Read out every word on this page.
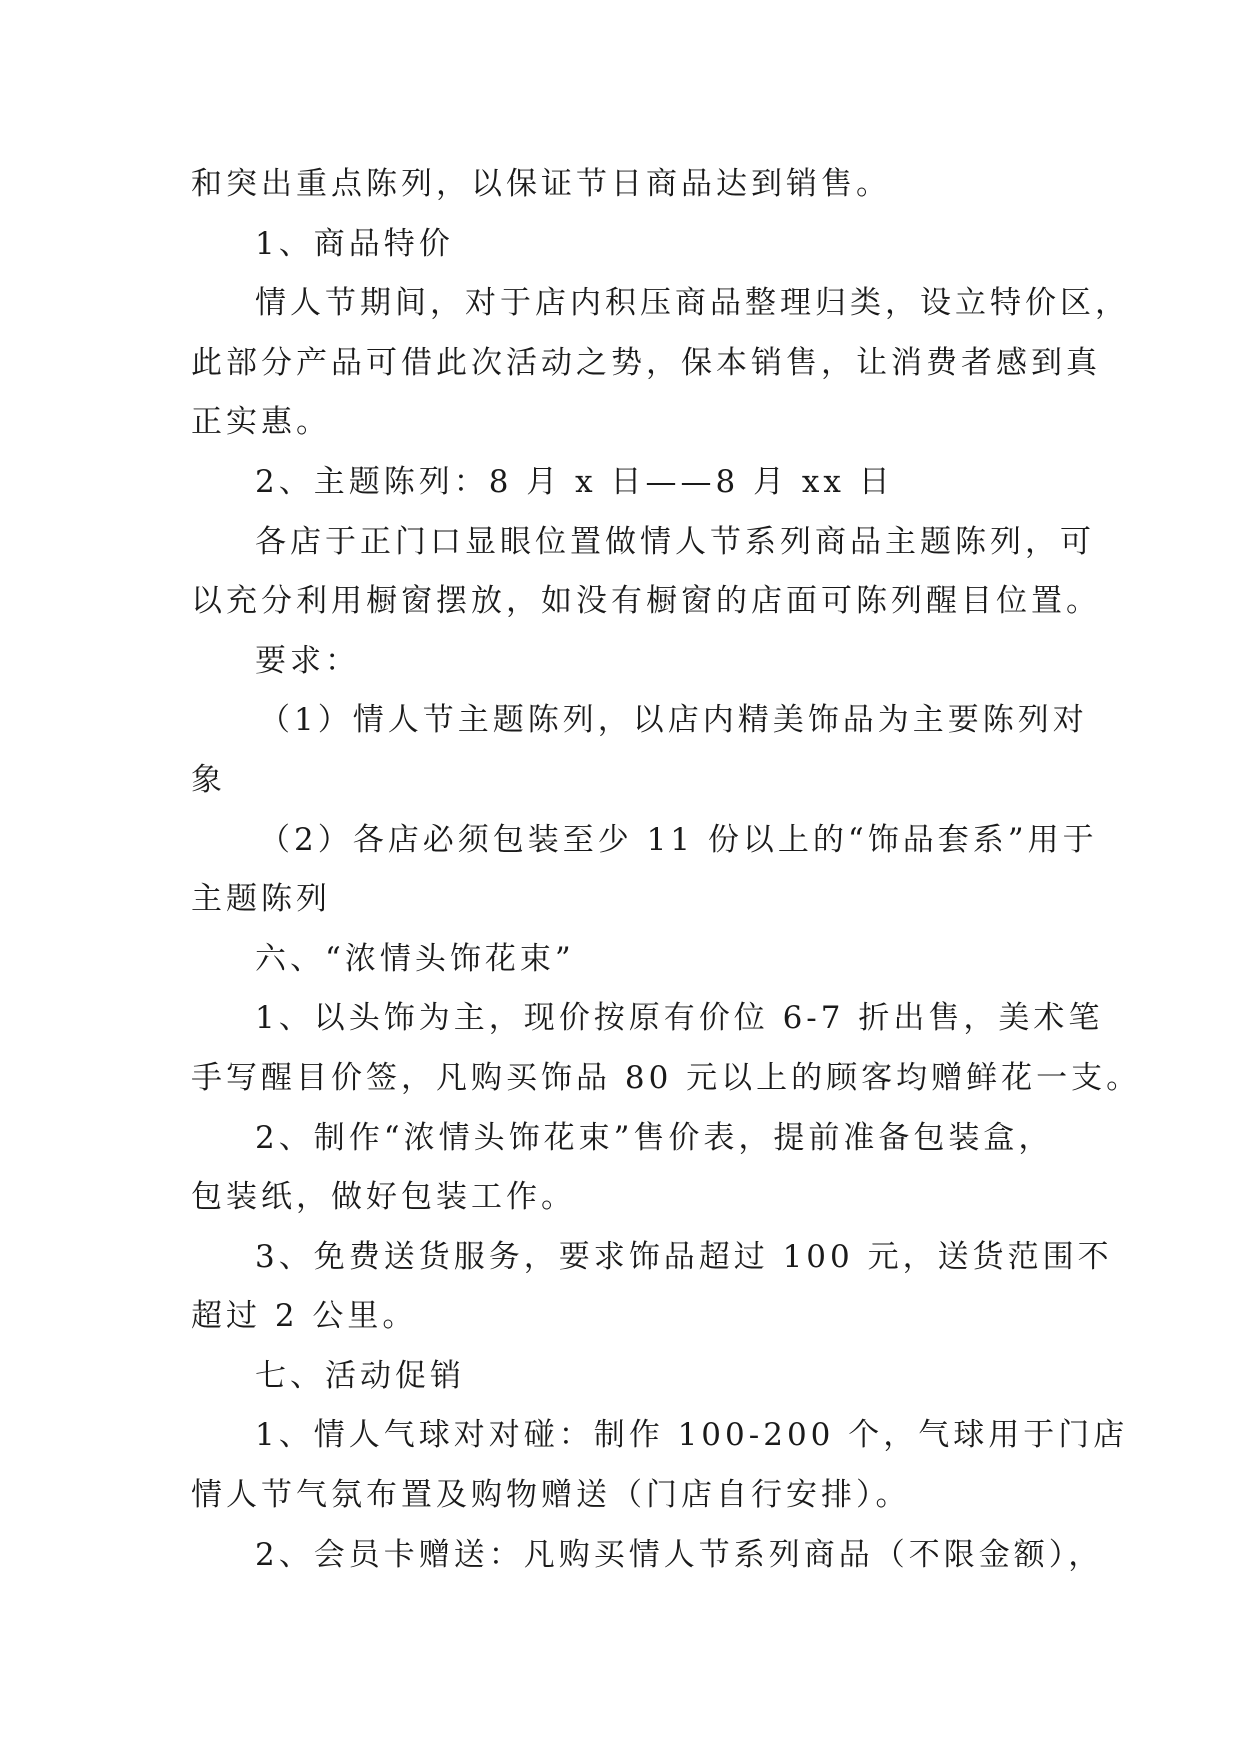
和突出重点陈列，以保证节日商品达到销售。
1、商品特价
情人节期间，对于店内积压商品整理归类，设立特价区，
此部分产品可借此次活动之势，保本销售，让消费者感到真
正实惠。
2、主题陈列：8 月 x 日——8 月 xx 日
各店于正门口显眼位置做情人节系列商品主题陈列，可
以充分利用橱窗摆放，如没有橱窗的店面可陈列醒目位置。
要求：
（1）情人节主题陈列，以店内精美饰品为主要陈列对
象
（2）各店必须包装至少 11 份以上的“饰品套系”用于
主题陈列
六、“浓情头饰花束”
1、以头饰为主，现价按原有价位 6-7 折出售，美术笔
手写醒目价签，凡购买饰品 80 元以上的顾客均赠鲜花一支。
2、制作“浓情头饰花束”售价表，提前准备包装盒，
包装纸，做好包装工作。
3、免费送货服务，要求饰品超过 100 元，送货范围不
超过 2 公里。
七、活动促销
1、情人气球对对碰：制作 100-200 个，气球用于门店
情人节气氛布置及购物赠送（门店自行安排）。
2、会员卡赠送：凡购买情人节系列商品（不限金额），
